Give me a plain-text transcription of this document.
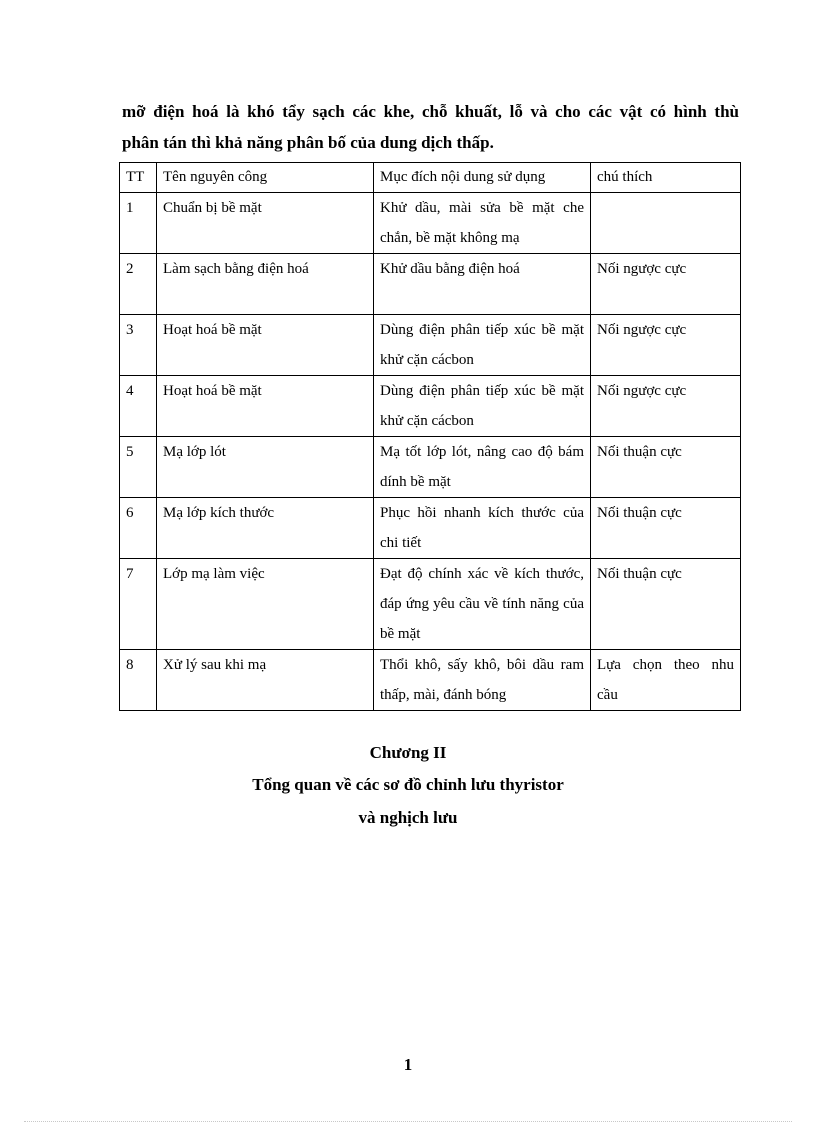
mỡ điện hoá là khó tẩy sạch các khe, chỗ khuất, lỗ và cho các vật có hình thù
phân tán thì khả năng phân bố của dung dịch thấp.

TT	Tên nguyên công	Mục đích nội dung sử dụng	chú thích
1	Chuẩn bị bề mặt	Khử dầu, mài sửa bề mặt che chắn, bề mặt không mạ	
2	Làm sạch bằng điện hoá	Khử dầu bằng điện hoá	Nối ngược cực
3	Hoạt hoá bề mặt	Dùng điện phân tiếp xúc bề mặt khử cặn cácbon	Nối ngược cực
4	Hoạt hoá bề mặt	Dùng điện phân tiếp xúc bề mặt khử cặn cácbon	Nối ngược cực
5	Mạ lớp lót	Mạ tốt lớp lót, nâng cao độ bám dính bề mặt	Nối thuận cực
6	Mạ lớp kích thước	Phục hồi nhanh kích thước của chi tiết	Nối thuận cực
7	Lớp mạ làm việc	Đạt độ chính xác về kích thước, đáp ứng yêu cầu về tính năng của bề mặt	Nối thuận cực
8	Xử lý sau khi mạ	Thổi khô, sấy khô, bôi dầu ram thấp, mài, đánh bóng	Lựa chọn theo nhu cầu

Chương II

Tổng quan về các sơ đồ chỉnh lưu thyristor

và nghịch lưu

1
